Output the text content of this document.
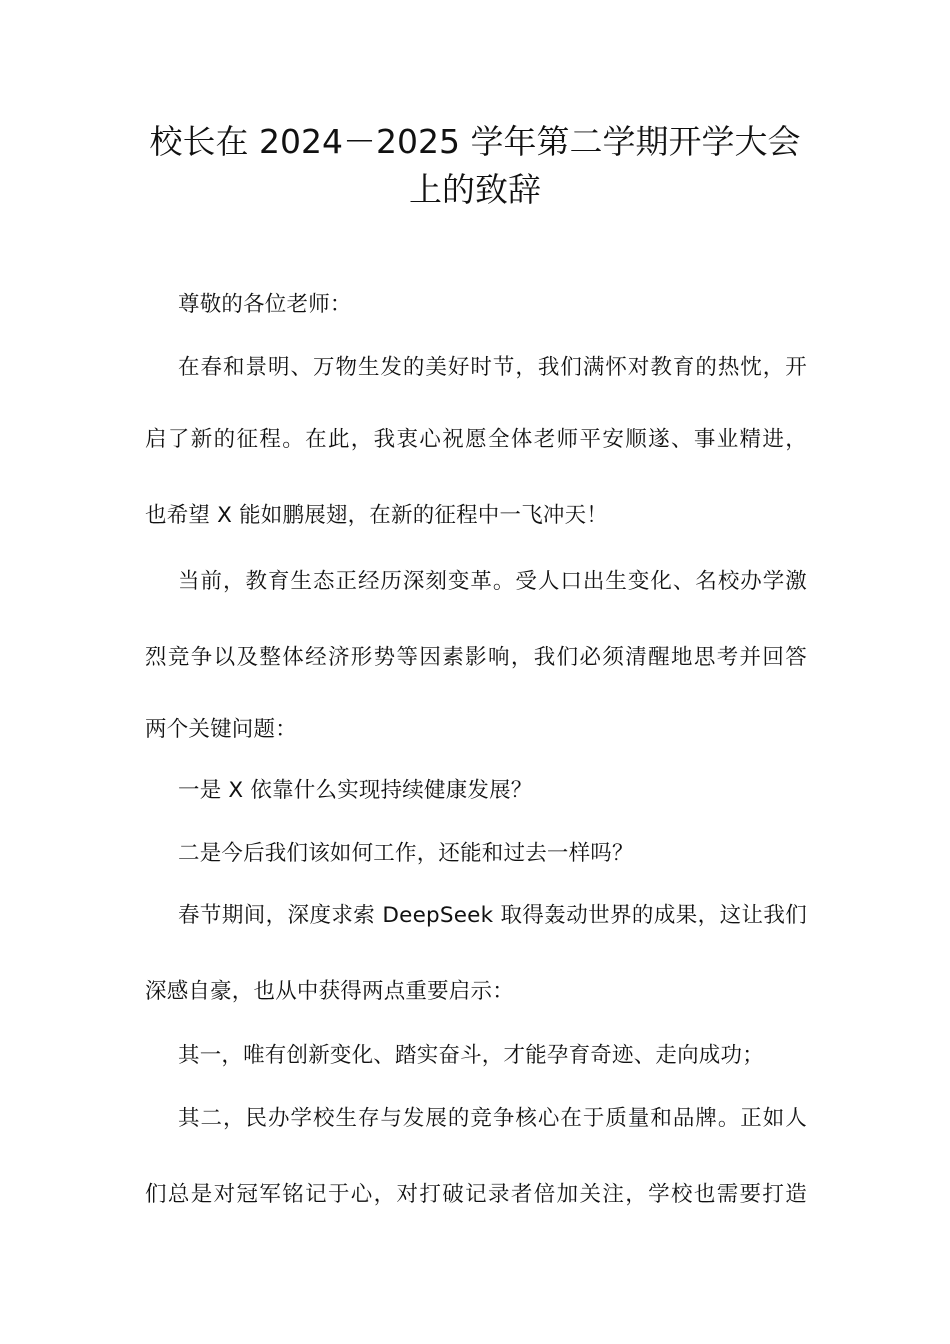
校长在 2024－2025 学年第二学期开学大会
上的致辞
尊敬的各位老师：
在春和景明、万物生发的美好时节，我们满怀对教育的热忱，开
启了新的征程。在此，我衷心祝愿全体老师平安顺遂、事业精进，
也希望 X 能如鹏展翅，在新的征程中一飞冲天！
当前，教育生态正经历深刻变革。受人口出生变化、名校办学激
烈竞争以及整体经济形势等因素影响，我们必须清醒地思考并回答
两个关键问题：
一是 X 依靠什么实现持续健康发展？
二是今后我们该如何工作，还能和过去一样吗？
春节期间，深度求索 DeepSeek 取得轰动世界的成果，这让我们
深感自豪，也从中获得两点重要启示：
其一，唯有创新变化、踏实奋斗，才能孕育奇迹、走向成功；
其二，民办学校生存与发展的竞争核心在于质量和品牌。正如人
们总是对冠军铭记于心，对打破记录者倍加关注，学校也需要打造
